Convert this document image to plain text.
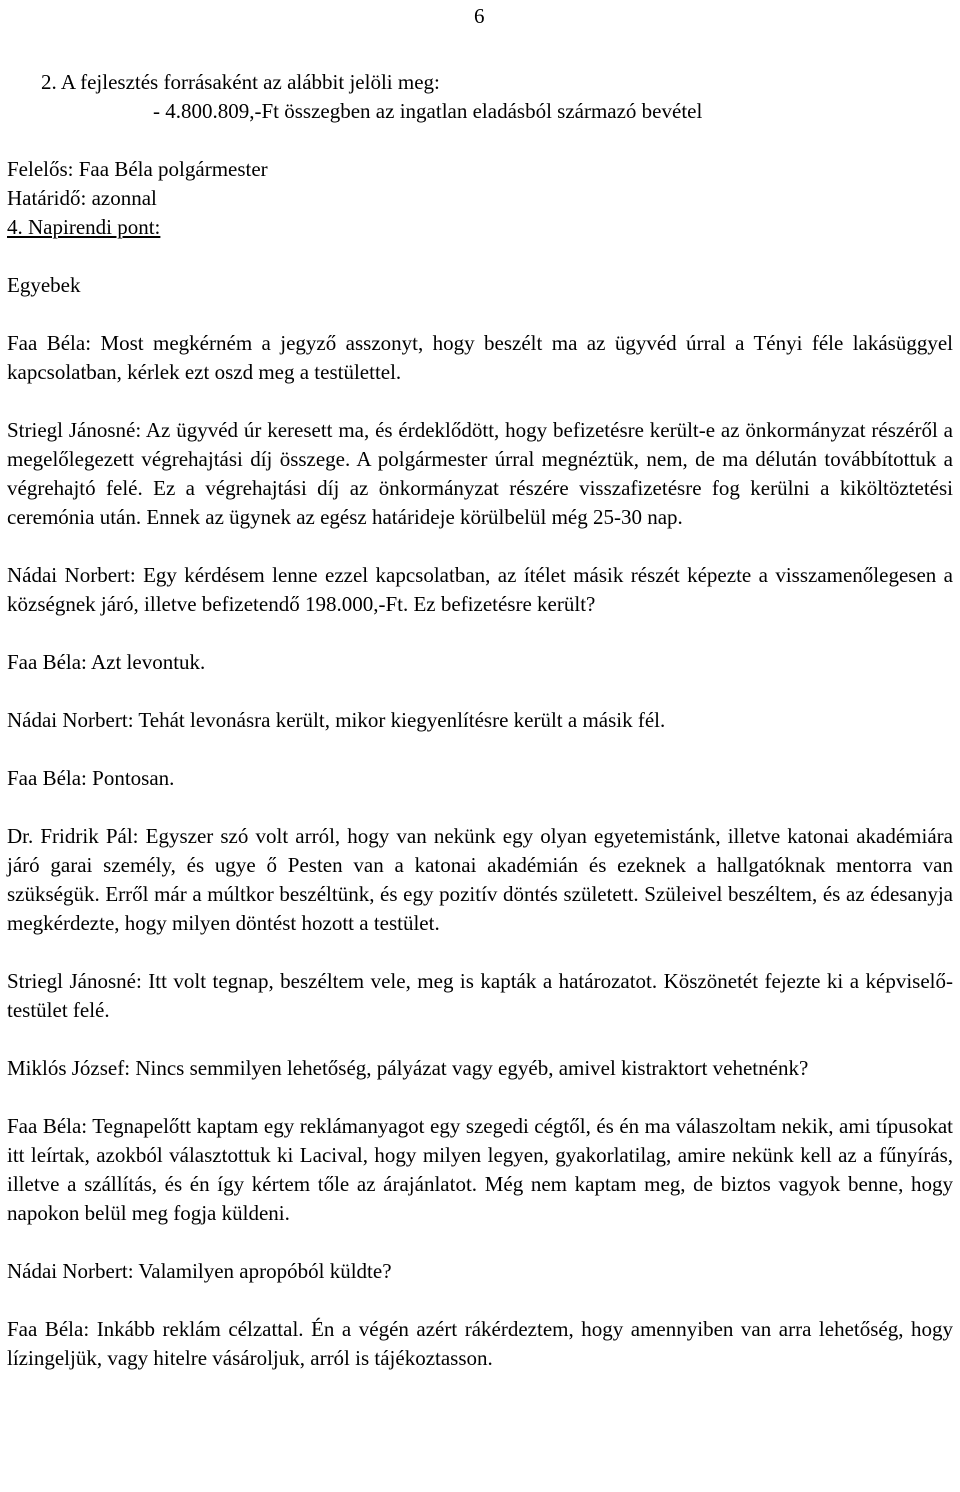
6

2. A fejlesztés forrásaként az alábbit jelöli meg:

- 4.800.809,-Ft összegben az ingatlan eladásból származó bevétel

Felelős: Faa Béla polgármester

Határidő: azonnal

4. Napirendi pont:

Egyebek

Faa Béla: Most megkérném a jegyző asszonyt, hogy beszélt ma az ügyvéd úrral a Tényi féle lakásüggyel kapcsolatban, kérlek ezt oszd meg a testülettel.

Striegl Jánosné: Az ügyvéd úr keresett ma, és érdeklődött, hogy befizetésre került-e az önkormányzat részéről a megelőlegezett végrehajtási díj összege. A polgármester úrral megnéztük, nem, de ma délután továbbítottuk a végrehajtó felé. Ez a végrehajtási díj az önkormányzat részére visszafizetésre fog kerülni a kiköltöztetési ceremónia után. Ennek az ügynek az egész határideje körülbelül még 25-30 nap.

Nádai Norbert: Egy kérdésem lenne ezzel kapcsolatban, az ítélet másik részét képezte a visszamenőlegesen a községnek járó, illetve befizetendő 198.000,-Ft. Ez befizetésre került?

Faa Béla: Azt levontuk.

Nádai Norbert: Tehát levonásra került, mikor kiegyenlítésre került a másik fél.

Faa Béla: Pontosan.

Dr. Fridrik Pál: Egyszer szó volt arról, hogy van nekünk egy olyan egyetemistánk, illetve katonai akadémiára járó garai személy, és ugye ő Pesten van a katonai akadémián és ezeknek a hallgatóknak mentorra van szükségük. Erről már a múltkor beszéltünk, és egy pozitív döntés született. Szüleivel beszéltem, és az édesanyja megkérdezte, hogy milyen döntést hozott a testület.

Striegl Jánosné: Itt volt tegnap, beszéltem vele, meg is kapták a határozatot. Köszönetét fejezte ki a képviselő-testület felé.

Miklós József: Nincs semmilyen lehetőség, pályázat vagy egyéb, amivel kistraktort vehetnénk?

Faa Béla: Tegnapelőtt kaptam egy reklámanyagot egy szegedi cégtől, és én ma válaszoltam nekik, ami típusokat itt leírtak, azokból választottuk ki Lacival, hogy milyen legyen, gyakorlatilag, amire nekünk kell az a fűnyírás, illetve a szállítás, és én így kértem tőle az árajánlatot. Még nem kaptam meg, de biztos vagyok benne, hogy napokon belül meg fogja küldeni.

Nádai Norbert: Valamilyen apropóból küldte?

Faa Béla: Inkább reklám célzattal. Én a végén azért rákérdeztem, hogy amennyiben van arra lehetőség, hogy lízingeljük, vagy hitelre vásároljuk, arról is tájékoztasson.
